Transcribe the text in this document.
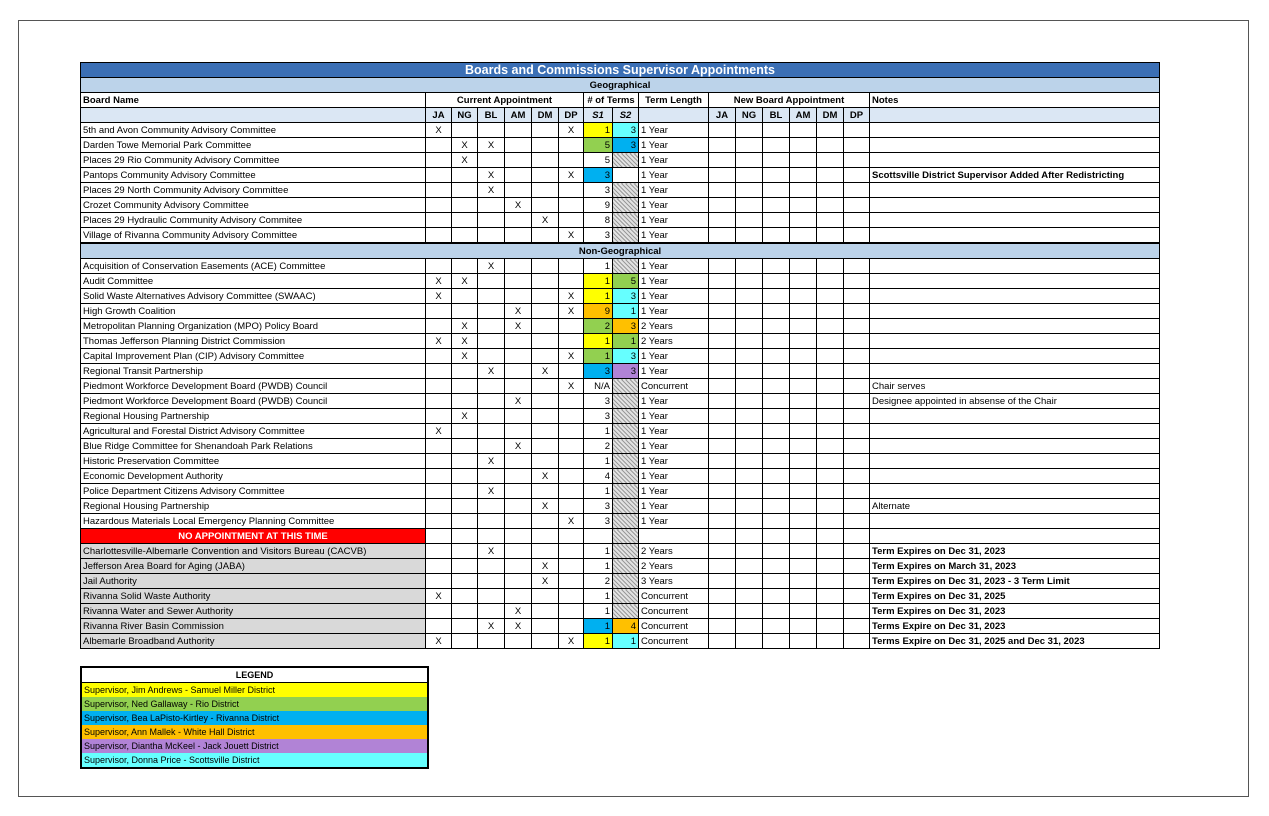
Boards and Commissions Supervisor Appointments																
Geographical																
Board Name	Current Appointment						# of Terms		Term Length	New Board Appointment						Notes
	JA	NG	BL	AM	DM	DP	S1	S2		JA	NG	BL	AM	DM	DP	
5th and Avon Community Advisory Committee	X					X	1	3	1 Year							
Darden Towe Memorial Park Committee		X	X				5	3	1 Year							
Places 29 Rio Community Advisory Committee		X					5		1 Year							
Pantops Community Advisory Committee			X			X	3		1 Year							Scottsville District Supervisor Added After Redistricting
Places 29 North Community Advisory Committee			X				3		1 Year							
Crozet Community Advisory Committee				X			9		1 Year							
Places 29 Hydraulic Community Advisory Commitee					X		8		1 Year							
Village of Rivanna Community Advisory Committee						X	3		1 Year							
Non-Geographical																
Acquisition of Conservation Easements (ACE) Committee			X				1		1 Year							
Audit Committee	X	X					1	5	1 Year							
Solid Waste Alternatives Advisory Committee (SWAAC)	X					X	1	3	1 Year							
High Growth Coalition				X		X	9	1	1 Year							
Metropolitan Planning Organization (MPO) Policy Board		X		X			2	3	2 Years							
Thomas Jefferson Planning District Commission	X	X					1	1	2 Years							
Capital Improvement Plan (CIP) Advisory Committee		X				X	1	3	1 Year							
Regional Transit Partnership			X		X		3	3	1 Year							
Piedmont Workforce Development Board (PWDB) Council						X	N/A		Concurrent							Chair serves
Piedmont Workforce Development Board (PWDB) Council				X			3		1 Year							Designee appointed in absense of the Chair
Regional Housing Partnership		X					3		1 Year							
Agricultural and Forestal District Advisory Committee	X						1		1 Year							
Blue Ridge Committee for Shenandoah Park Relations				X			2		1 Year							
Historic Preservation Committee			X				1		1 Year							
Economic Development Authority					X		4		1 Year							
Police Department Citizens Advisory Committee			X				1		1 Year							
Regional Housing Partnership					X		3		1 Year							Alternate
Hazardous Materials Local Emergency Planning Committee						X	3		1 Year							
NO APPOINTMENT AT THIS TIME																
Charlottesville-Albemarle Convention and Visitors Bureau (CACVB)			X				1		2 Years							Term Expires on Dec 31, 2023
Jefferson Area Board for Aging (JABA)					X		1		2 Years							Term Expires on March 31, 2023
Jail Authority					X		2		3 Years							Term Expires on Dec 31, 2023 - 3 Term Limit
Rivanna Solid Waste Authority	X						1		Concurrent							Term Expires on Dec 31, 2025
Rivanna Water and Sewer Authority				X			1		Concurrent							Term Expires on Dec 31, 2023
Rivanna River Basin Commission			X	X			1	4	Concurrent							Terms Expire on Dec 31, 2023
Albemarle Broadband Authority	X					X	1	1	Concurrent							Terms Expire on Dec 31, 2025 and Dec 31, 2023
LEGEND
Supervisor, Jim Andrews - Samuel Miller District
Supervisor, Ned Gallaway - Rio District
Supervisor, Bea LaPisto-Kirtley - Rivanna District
Supervisor, Ann Mallek - White Hall District
Supervisor, Diantha McKeel - Jack Jouett District
Supervisor, Donna Price - Scottsville District
